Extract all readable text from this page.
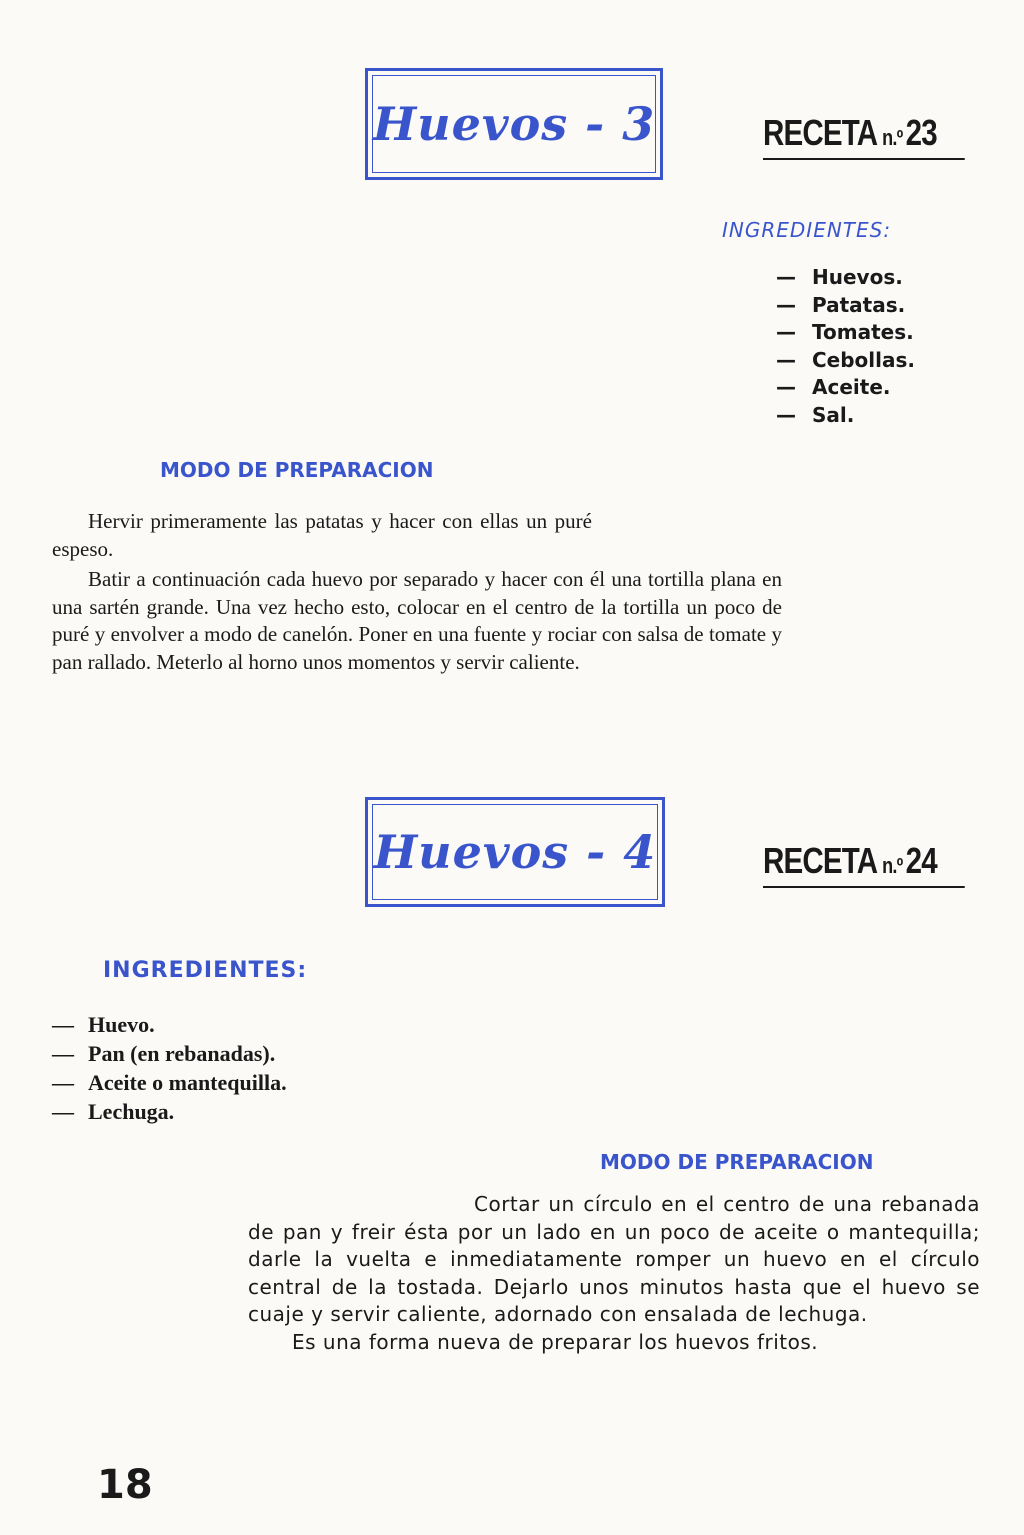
Huevos - 3	RECETA n.º23
INGREDIENTES:
— Huevos.
— Patatas.
— Tomates.
— Cebollas.
— Aceite.
— Sal.
MODO DE PREPARACION

Hervir primeramente las patatas y hacer con ellas un puré espeso.

Batir a continuación cada huevo por separado y hacer con él una tortilla plana en una sartén grande. Una vez hecho esto, colocar en el centro de la tortilla un poco de puré y envolver a modo de canelón. Poner en una fuente y rociar con salsa de tomate y pan rallado. Meterlo al horno unos momentos y servir caliente.

Huevos - 4	RECETA n.º24
INGREDIENTES:
— Huevo.
— Pan (en rebanadas).
— Aceite o mantequilla.
— Lechuga.
MODO DE PREPARACION

Cortar un círculo en el centro de una rebanada de pan y freir ésta por un lado en un poco de aceite o mantequilla; darle la vuelta e inmediatamente romper un huevo en el círculo central de la tostada. Dejarlo unos minutos hasta que el huevo se cuaje y servir caliente, adornado con ensalada de lechuga.

Es una forma nueva de preparar los huevos fritos.

18
